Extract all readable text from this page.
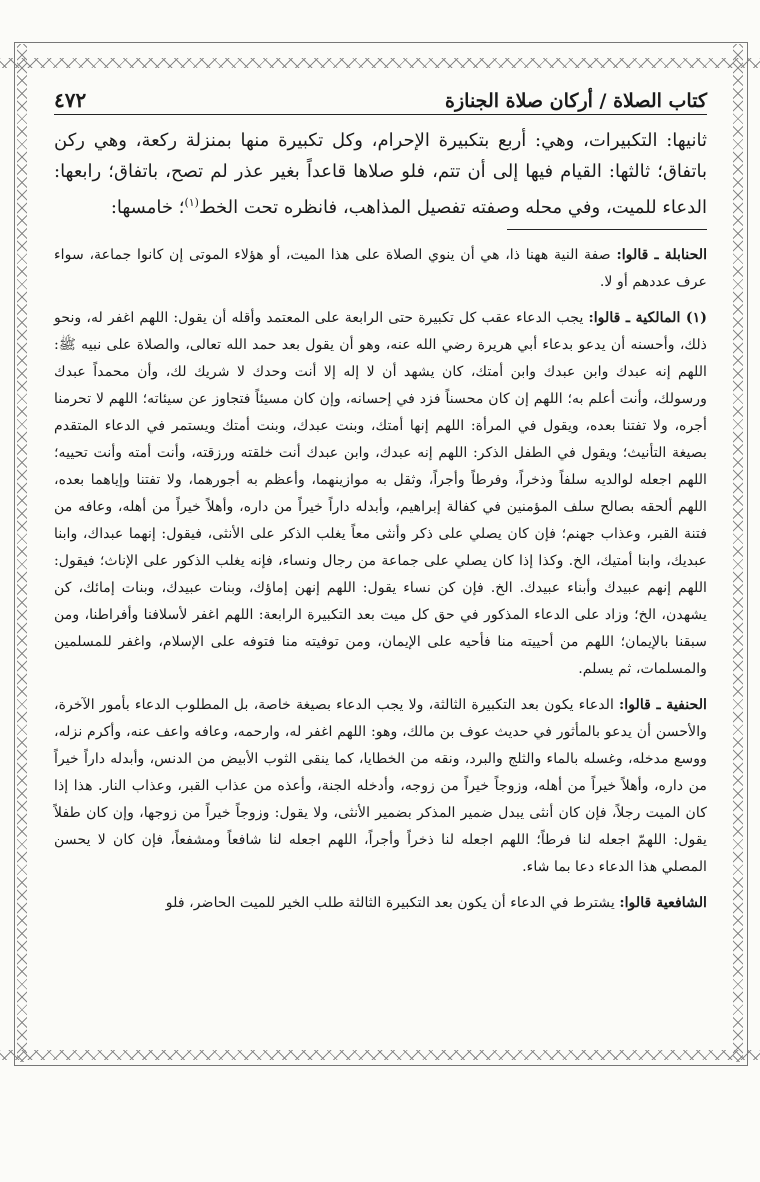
كتاب الصلاة / أركان صلاة الجنازة
٤٧٢

ثانيها: التكبيرات، وهي: أربع بتكبيرة الإحرام، وكل تكبيرة منها بمنزلة ركعة، وهي ركن باتفاق؛ ثالثها: القيام فيها إلى أن تتم، فلو صلاها قاعداً بغير عذر لم تصح، باتفاق؛ رابعها: الدعاء للميت، وفي محله وصفته تفصيل المذاهب، فانظره تحت الخط$^{(١)}$؛ خامسها:

الحنابلة ـ قالوا: صفة النية ههنا ذا، هي أن ينوي الصلاة على هذا الميت، أو هؤلاء الموتى إن كانوا جماعة، سواء عرف عددهم أو لا.

(١) المالكية ـ قالوا: يجب الدعاء عقب كل تكبيرة حتى الرابعة على المعتمد وأقله أن يقول: اللهم اغفر له، ونحو ذلك، وأحسنه أن يدعو بدعاء أبي هريرة رضي الله عنه، وهو أن يقول بعد حمد الله تعالى، والصلاة على نبيه ﷺ: اللهم إنه عبدك وابن عبدك وابن أمتك، كان يشهد أن لا إله إلا أنت وحدك لا شريك لك، وأن محمداً عبدك ورسولك، وأنت أعلم به؛ اللهم إن كان محسناً فزد في إحسانه، وإن كان مسيئاً فتجاوز عن سيئاته؛ اللهم لا تحرمنا أجره، ولا تفتنا بعده، ويقول في المرأة: اللهم إنها أمتك، وبنت عبدك، وبنت أمتك ويستمر في الدعاء المتقدم بصيغة التأنيث؛ ويقول في الطفل الذكر: اللهم إنه عبدك، وابن عبدك أنت خلقته ورزقته، وأنت أمته وأنت تحييه؛ اللهم اجعله لوالديه سلفاً وذخراً، وفرطاً وأجراً، وثقل به موازينهما، وأعظم به أجورهما، ولا تفتنا وإياهما بعده، اللهم ألحقه بصالح سلف المؤمنين في كفالة إبراهيم، وأبدله داراً خيراً من داره، وأهلاً خيراً من أهله، وعافه من فتنة القبر، وعذاب جهنم؛ فإن كان يصلي على ذكر وأنثى معاً يغلب الذكر على الأنثى، فيقول: إنهما عبداك، وابنا عبديك، وابنا أمتيك، الخ. وكذا إذا كان يصلي على جماعة من رجال ونساء، فإنه يغلب الذكور على الإناث؛ فيقول: اللهم إنهم عبيدك وأبناء عبيدك. الخ. فإن كن نساء يقول: اللهم إنهن إماؤك، وبنات عبيدك، وبنات إمائك، كن يشهدن، الخ؛ وزاد على الدعاء المذكور في حق كل ميت بعد التكبيرة الرابعة: اللهم اغفر لأسلافنا وأفراطنا، ومن سبقنا بالإيمان؛ اللهم من أحييته منا فأحيه على الإيمان، ومن توفيته منا فتوفه على الإسلام، واغفر للمسلمين والمسلمات، ثم يسلم.

الحنفية ـ قالوا: الدعاء يكون بعد التكبيرة الثالثة، ولا يجب الدعاء بصيغة خاصة، بل المطلوب الدعاء بأمور الآخرة، والأحسن أن يدعو بالمأثور في حديث عوف بن مالك، وهو: اللهم اغفر له، وارحمه، وعافه واعف عنه، وأكرم نزله، ووسع مدخله، وغسله بالماء والثلج والبرد، ونقه من الخطايا، كما ينقى الثوب الأبيض من الدنس، وأبدله داراً خيراً من داره، وأهلاً خيراً من أهله، وزوجاً خيراً من زوجه، وأدخله الجنة، وأعذه من عذاب القبر، وعذاب النار. هذا إذا كان الميت رجلاً، فإن كان أنثى يبدل ضمير المذكر بضمير الأنثى، ولا يقول: وزوجاً خيراً من زوجها، وإن كان طفلاً يقول: اللهمّ اجعله لنا فرطاً؛ اللهم اجعله لنا ذخراً وأجراً، اللهم اجعله لنا شافعاً ومشفعاً، فإن كان لا يحسن المصلي هذا الدعاء دعا بما شاء.

الشافعية قالوا: يشترط في الدعاء أن يكون بعد التكبيرة الثالثة طلب الخير للميت الحاضر، فلو
